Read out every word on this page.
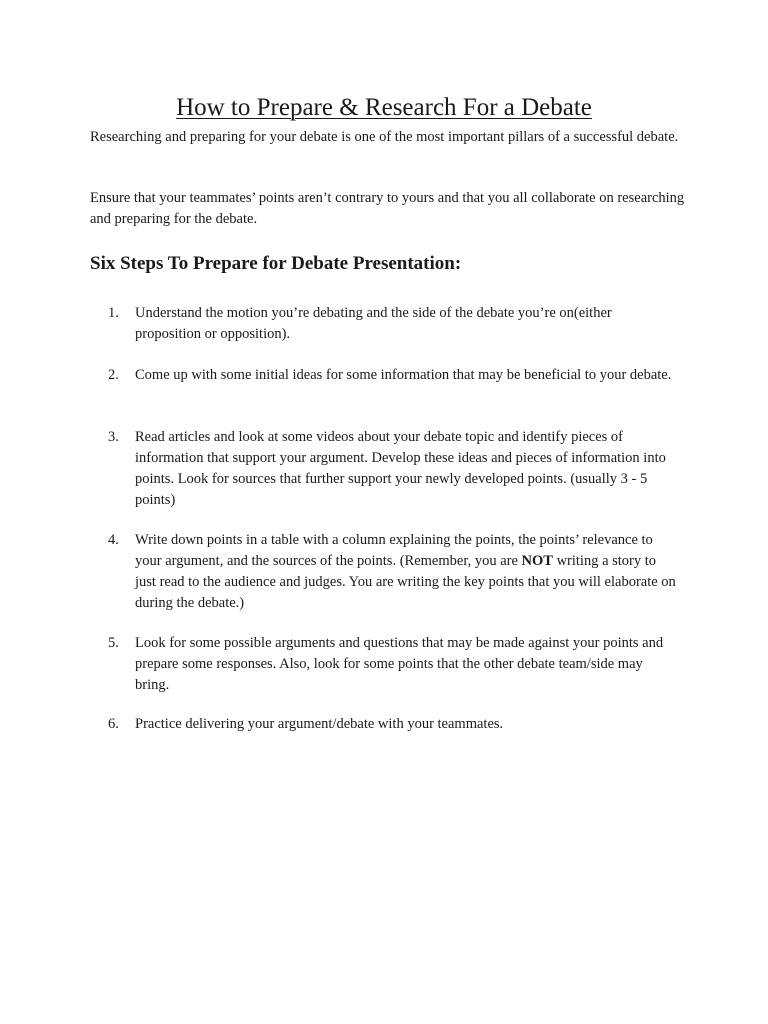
How to Prepare & Research For a Debate

Researching and preparing for your debate is one of the most important pillars of a successful debate.

Ensure that your teammates’ points aren’t contrary to yours and that you all collaborate on researching and preparing for the debate.

Six Steps To Prepare for Debate Presentation:
1.	Understand the motion you’re debating and the side of the debate you’re on(either proposition or opposition).
2.	Come up with some initial ideas for some information that may be beneficial to your debate.
3.	Read articles and look at some videos about your debate topic and identify pieces of information that support your argument. Develop these ideas and pieces of information into points. Look for sources that further support your newly developed points. (usually 3 - 5 points)
4.	Write down points in a table with a column explaining the points, the points’ relevance to your argument, and the sources of the points. (Remember, you are NOT writing a story to just read to the audience and judges. You are writing the key points that you will elaborate on during the debate.)
5.	Look for some possible arguments and questions that may be made against your points and prepare some responses. Also, look for some points that the other debate team/side may bring.
6.	Practice delivering your argument/debate with your teammates.
